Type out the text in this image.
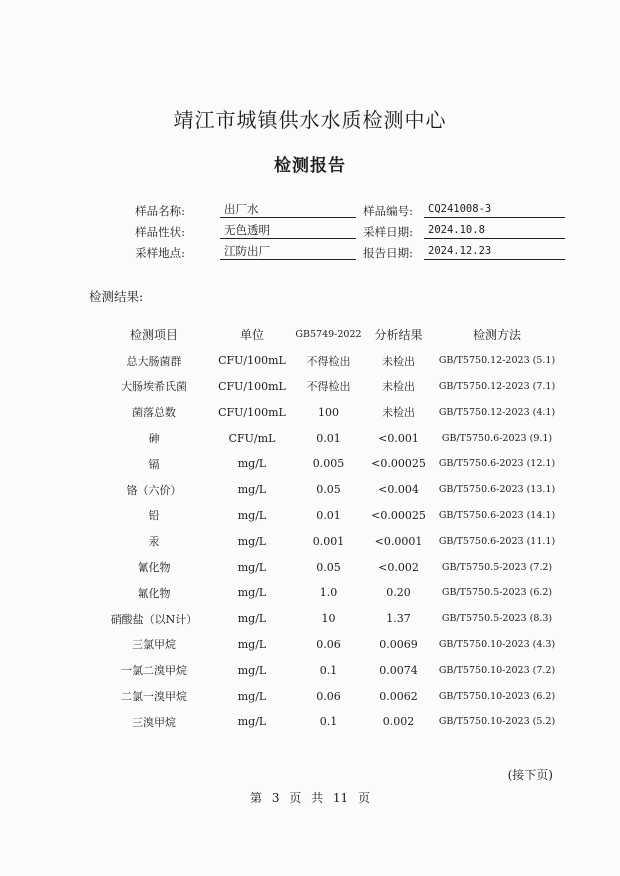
靖江市城镇供水水质检测中心
检测报告
样品名称:	出厂水	样品编号:	CQ241008-3
样品性状:	无色透明	采样日期:	2024.10.8
采样地点:	江防出厂	报告日期:	2024.12.23
检测结果:
检测项目	单位	GB5749-2022	分析结果	检测方法
总大肠菌群	CFU/100mL	不得检出	未检出	GB/T5750.12-2023 (5.1)
大肠埃希氏菌	CFU/100mL	不得检出	未检出	GB/T5750.12-2023 (7.1)
菌落总数	CFU/100mL	100	未检出	GB/T5750.12-2023 (4.1)
砷	CFU/mL	0.01	<0.001	GB/T5750.6-2023 (9.1)
镉	mg/L	0.005	<0.00025	GB/T5750.6-2023 (12.1)
铬（六价）	mg/L	0.05	<0.004	GB/T5750.6-2023 (13.1)
铅	mg/L	0.01	<0.00025	GB/T5750.6-2023 (14.1)
汞	mg/L	0.001	<0.0001	GB/T5750.6-2023 (11.1)
氰化物	mg/L	0.05	<0.002	GB/T5750.5-2023 (7.2)
氟化物	mg/L	1.0	0.20	GB/T5750.5-2023 (6.2)
硝酸盐（以N计）	mg/L	10	1.37	GB/T5750.5-2023 (8.3)
三氯甲烷	mg/L	0.06	0.0069	GB/T5750.10-2023 (4.3)
一氯二溴甲烷	mg/L	0.1	0.0074	GB/T5750.10-2023 (7.2)
二氯一溴甲烷	mg/L	0.06	0.0062	GB/T5750.10-2023 (6.2)
三溴甲烷	mg/L	0.1	0.002	GB/T5750.10-2023 (5.2)
(接下页)
第 3 页 共 11 页
